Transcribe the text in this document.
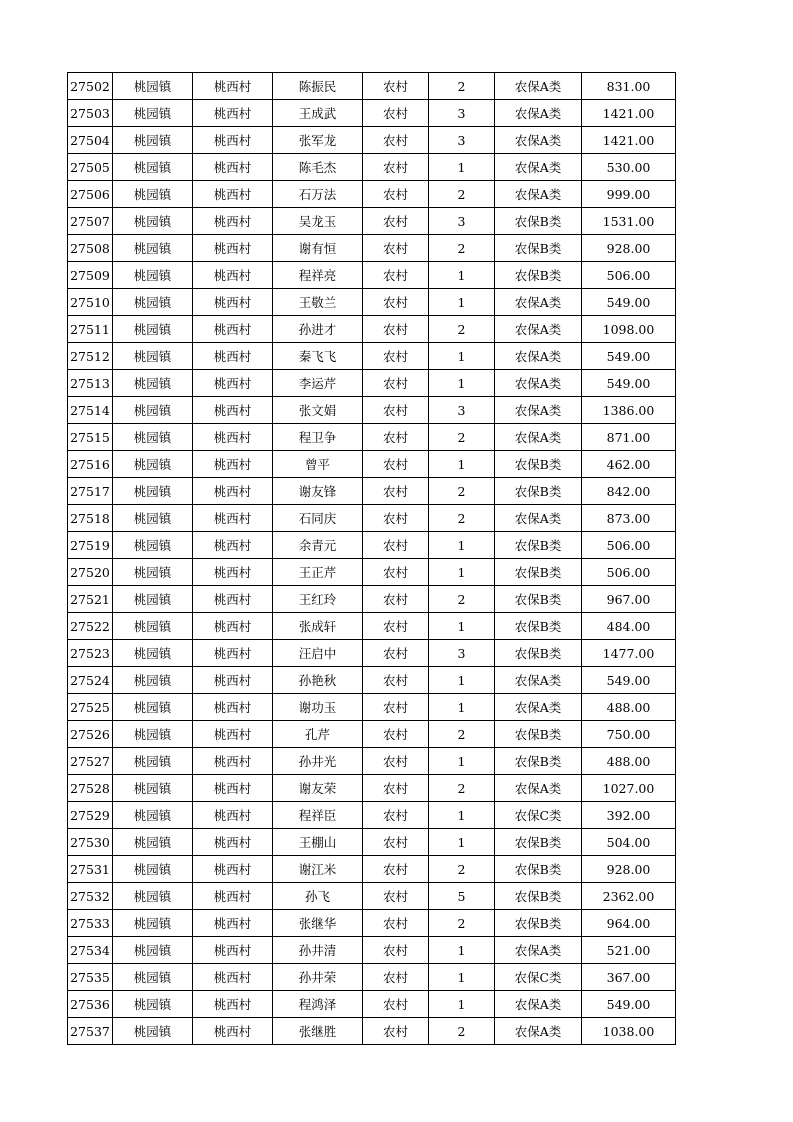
27502	桃园镇	桃西村	陈振民	农村	2	农保A类	831.00
27503	桃园镇	桃西村	王成武	农村	3	农保A类	1421.00
27504	桃园镇	桃西村	张军龙	农村	3	农保A类	1421.00
27505	桃园镇	桃西村	陈毛杰	农村	1	农保A类	530.00
27506	桃园镇	桃西村	石万法	农村	2	农保A类	999.00
27507	桃园镇	桃西村	吴龙玉	农村	3	农保B类	1531.00
27508	桃园镇	桃西村	谢有恒	农村	2	农保B类	928.00
27509	桃园镇	桃西村	程祥亮	农村	1	农保B类	506.00
27510	桃园镇	桃西村	王敬兰	农村	1	农保A类	549.00
27511	桃园镇	桃西村	孙进才	农村	2	农保A类	1098.00
27512	桃园镇	桃西村	秦飞飞	农村	1	农保A类	549.00
27513	桃园镇	桃西村	李运芹	农村	1	农保A类	549.00
27514	桃园镇	桃西村	张文娟	农村	3	农保A类	1386.00
27515	桃园镇	桃西村	程卫争	农村	2	农保A类	871.00
27516	桃园镇	桃西村	曾平	农村	1	农保B类	462.00
27517	桃园镇	桃西村	谢友锋	农村	2	农保B类	842.00
27518	桃园镇	桃西村	石同庆	农村	2	农保A类	873.00
27519	桃园镇	桃西村	余青元	农村	1	农保B类	506.00
27520	桃园镇	桃西村	王正芹	农村	1	农保B类	506.00
27521	桃园镇	桃西村	王红玲	农村	2	农保B类	967.00
27522	桃园镇	桃西村	张成轩	农村	1	农保B类	484.00
27523	桃园镇	桃西村	汪启中	农村	3	农保B类	1477.00
27524	桃园镇	桃西村	孙艳秋	农村	1	农保A类	549.00
27525	桃园镇	桃西村	谢功玉	农村	1	农保A类	488.00
27526	桃园镇	桃西村	孔芹	农村	2	农保B类	750.00
27527	桃园镇	桃西村	孙井光	农村	1	农保B类	488.00
27528	桃园镇	桃西村	谢友荣	农村	2	农保A类	1027.00
27529	桃园镇	桃西村	程祥臣	农村	1	农保C类	392.00
27530	桃园镇	桃西村	王棚山	农村	1	农保B类	504.00
27531	桃园镇	桃西村	谢江米	农村	2	农保B类	928.00
27532	桃园镇	桃西村	孙飞	农村	5	农保B类	2362.00
27533	桃园镇	桃西村	张继华	农村	2	农保B类	964.00
27534	桃园镇	桃西村	孙井清	农村	1	农保A类	521.00
27535	桃园镇	桃西村	孙井荣	农村	1	农保C类	367.00
27536	桃园镇	桃西村	程鸿泽	农村	1	农保A类	549.00
27537	桃园镇	桃西村	张继胜	农村	2	农保A类	1038.00
